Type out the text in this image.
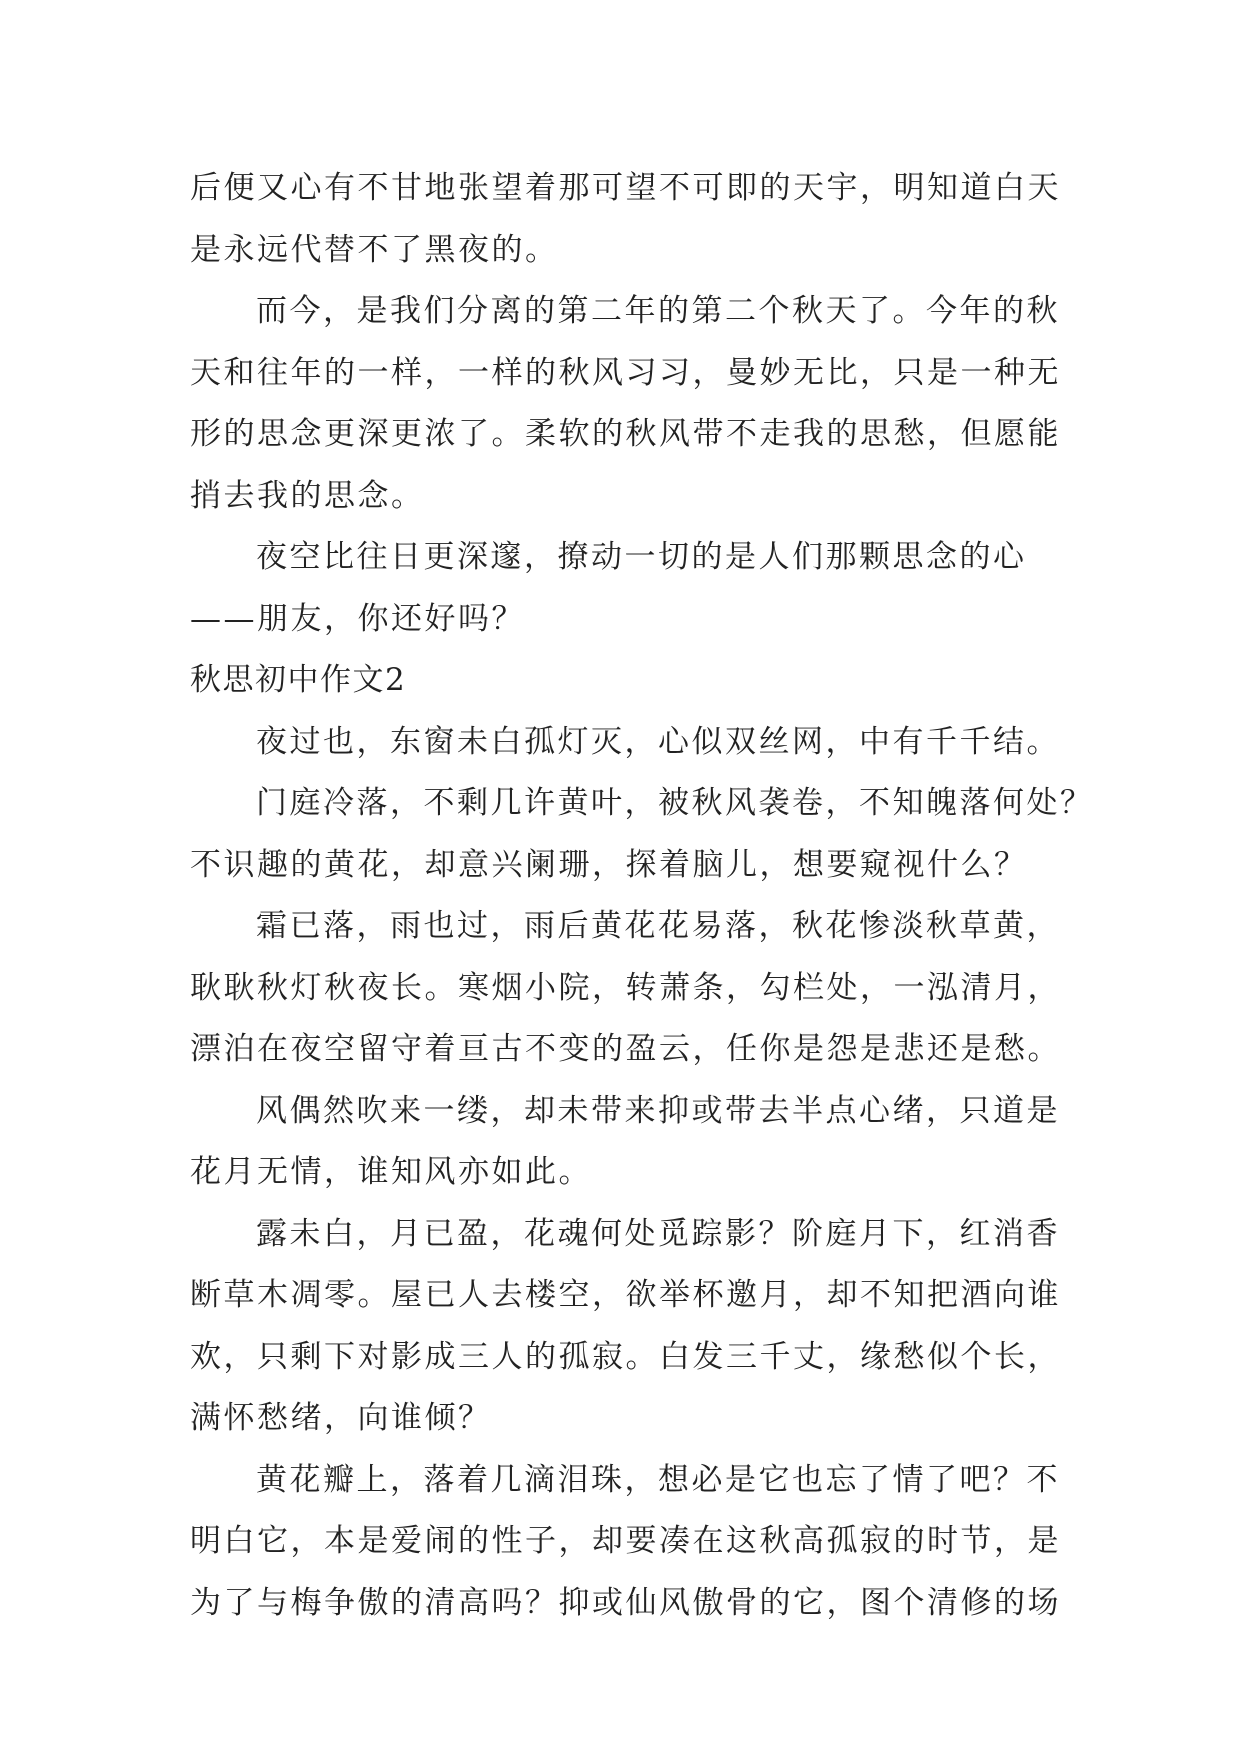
后便又心有不甘地张望着那可望不可即的天宇，明知道白天
是永远代替不了黑夜的。
而今，是我们分离的第二年的第二个秋天了。今年的秋
天和往年的一样，一样的秋风习习，曼妙无比，只是一种无
形的思念更深更浓了。柔软的秋风带不走我的思愁，但愿能
捎去我的思念。
夜空比往日更深邃，撩动一切的是人们那颗思念的心
——朋友，你还好吗？
秋思初中作文2
夜过也，东窗未白孤灯灭，心似双丝网，中有千千结。
门庭冷落，不剩几许黄叶，被秋风袭卷，不知魄落何处？
不识趣的黄花，却意兴阑珊，探着脑儿，想要窥视什么？
霜已落，雨也过，雨后黄花花易落，秋花惨淡秋草黄，
耿耿秋灯秋夜长。寒烟小院，转萧条，勾栏处，一泓清月，
漂泊在夜空留守着亘古不变的盈云，任你是怨是悲还是愁。
风偶然吹来一缕，却未带来抑或带去半点心绪，只道是
花月无情，谁知风亦如此。
露未白，月已盈，花魂何处觅踪影？阶庭月下，红消香
断草木凋零。屋已人去楼空，欲举杯邀月，却不知把酒向谁
欢，只剩下对影成三人的孤寂。白发三千丈，缘愁似个长，
满怀愁绪，向谁倾？
黄花瓣上，落着几滴泪珠，想必是它也忘了情了吧？不
明白它，本是爱闹的性子，却要凑在这秋高孤寂的时节，是
为了与梅争傲的清高吗？抑或仙风傲骨的它，图个清修的场
